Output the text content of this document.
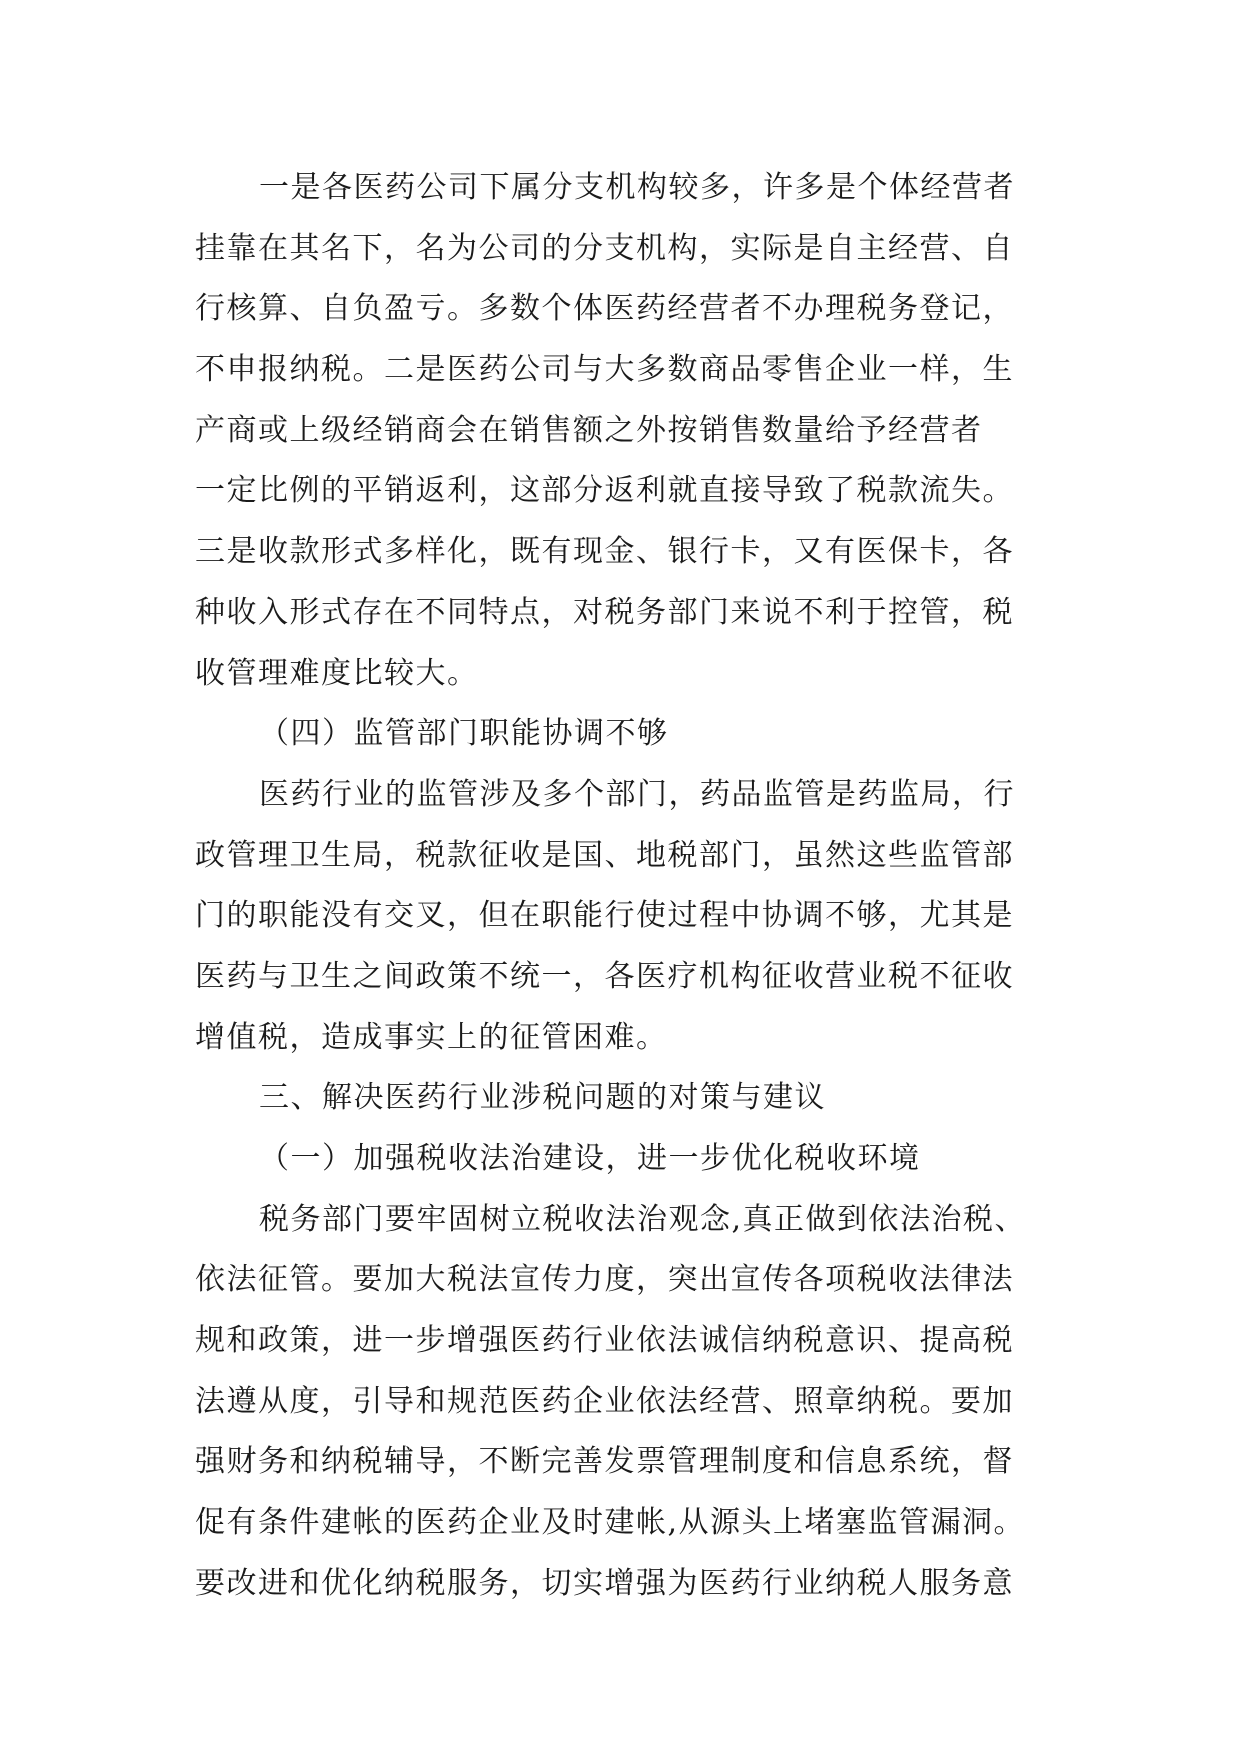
一是各医药公司下属分支机构较多，许多是个体经营者
挂靠在其名下，名为公司的分支机构，实际是自主经营、自
行核算、自负盈亏。多数个体医药经营者不办理税务登记，
不申报纳税。二是医药公司与大多数商品零售企业一样，生
产商或上级经销商会在销售额之外按销售数量给予经营者
一定比例的平销返利，这部分返利就直接导致了税款流失。
三是收款形式多样化，既有现金、银行卡，又有医保卡，各
种收入形式存在不同特点，对税务部门来说不利于控管，税
收管理难度比较大。
（四）监管部门职能协调不够
医药行业的监管涉及多个部门，药品监管是药监局，行
政管理卫生局，税款征收是国、地税部门，虽然这些监管部
门的职能没有交叉，但在职能行使过程中协调不够，尤其是
医药与卫生之间政策不统一，各医疗机构征收营业税不征收
增值税，造成事实上的征管困难。
三、解决医药行业涉税问题的对策与建议
（一）加强税收法治建设，进一步优化税收环境
税务部门要牢固树立税收法治观念,真正做到依法治税、
依法征管。要加大税法宣传力度，突出宣传各项税收法律法
规和政策，进一步增强医药行业依法诚信纳税意识、提高税
法遵从度，引导和规范医药企业依法经营、照章纳税。要加
强财务和纳税辅导，不断完善发票管理制度和信息系统，督
促有条件建帐的医药企业及时建帐,从源头上堵塞监管漏洞。
要改进和优化纳税服务，切实增强为医药行业纳税人服务意
